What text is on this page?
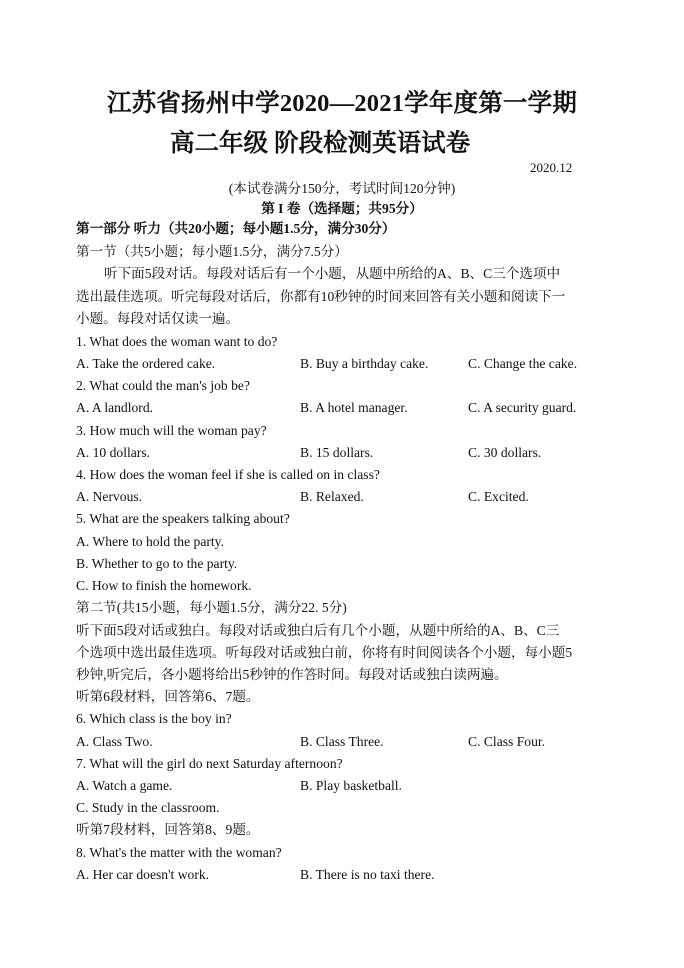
江苏省扬州中学2020—2021学年度第一学期
高二年级 阶段检测英语试卷
2020.12
(本试卷满分150分，考试时间120分钟)
第 I 卷（选择题；共95分）
第一部分 听力（共20小题；每小题1.5分，满分30分）
第一节（共5小题；每小题1.5分，满分7.5分）
听下面5段对话。每段对话后有一个小题，从题中所给的A、B、C三个选项中
选出最佳选项。听完每段对话后，你都有10秒钟的时间来回答有关小题和阅读下一
小题。每段对话仅读一遍。
1. What does the woman want to do?
A. Take the ordered cake.	B. Buy a birthday cake.	C. Change the cake.
2. What could the man's job be?
A. A landlord.	B. A hotel manager.	C. A security guard.
3. How much will the woman pay?
A. 10 dollars.	B. 15 dollars.	C. 30 dollars.
4. How does the woman feel if she is called on in class?
A. Nervous.	B. Relaxed.	C. Excited.
5. What are the speakers talking about?
A. Where to hold the party.
B. Whether to go to the party.
C. How to finish the homework.
第二节(共15小题，每小题1.5分，满分22. 5分)
听下面5段对话或独白。每段对话或独白后有几个小题，从题中所给的A、B、C三
个选项中选出最佳选项。听每段对话或独白前，你将有时间阅读各个小题，每小题5
秒钟,听完后，各小题将给出5秒钟的作答时间。每段对话或独白读两遍。
听第6段材料，回答第6、7题。
6. Which class is the boy in?
A. Class Two.	B. Class Three.	C. Class Four.
7. What will the girl do next Saturday afternoon?
A. Watch a game.	B. Play basketball.
C. Study in the classroom.
听第7段材料，回答第8、9题。
8. What's the matter with the woman?
A. Her car doesn't work.	B. There is no taxi there.
